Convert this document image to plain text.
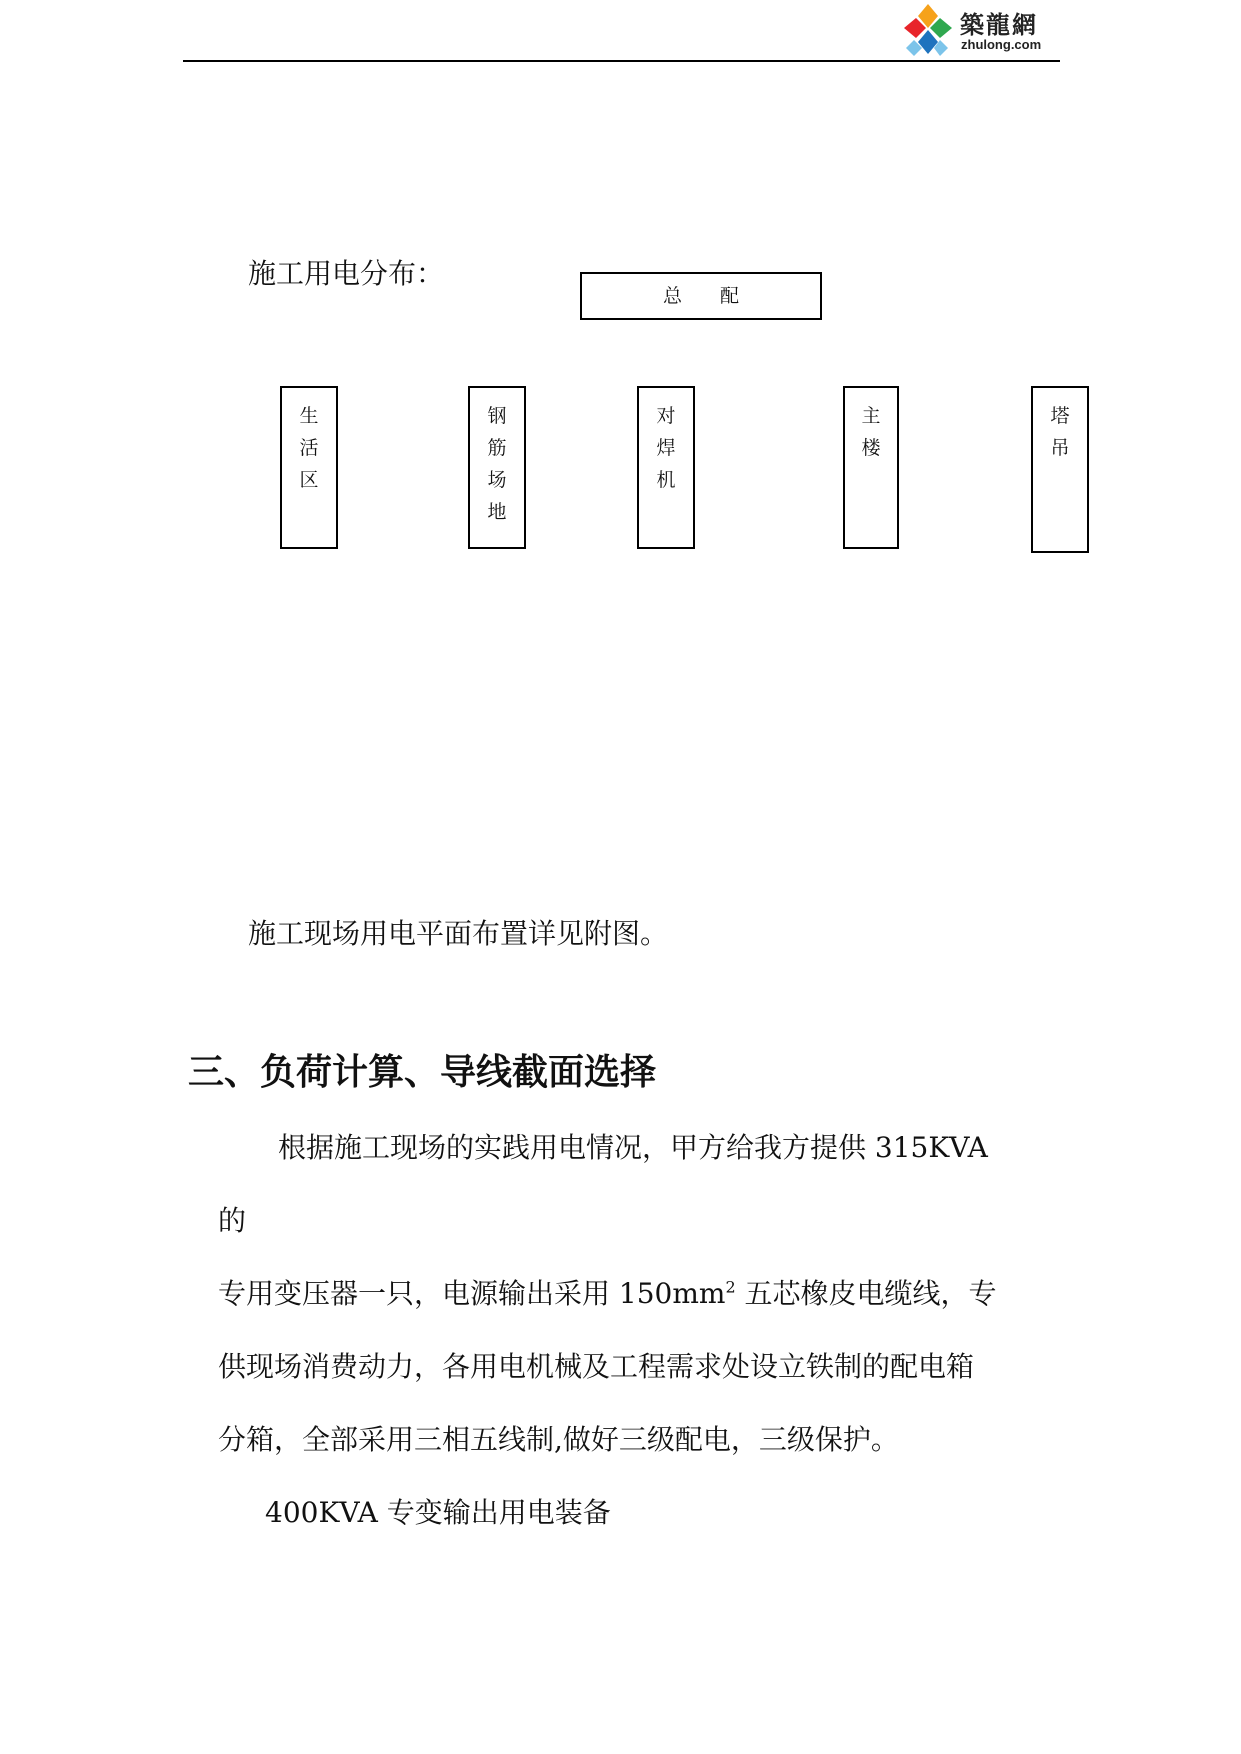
築龍網
zhulong.com
施工用电分布：
总配
生
活
区
钢
筋
场
地
对
焊
机
主
楼
塔
吊
施工现场用电平面布置详见附图。
三、负荷计算、导线截面选择
根据施工现场的实践用电情况，甲方给我方提供 315KVA
的
专用变压器一只，电源输出采用 $150mm^2$ 五芯橡皮电缆线，专
供现场消费动力，各用电机械及工程需求处设立铁制的配电箱
分箱，全部采用三相五线制,做好三级配电，三级保护。
400KVA 专变输出用电装备
